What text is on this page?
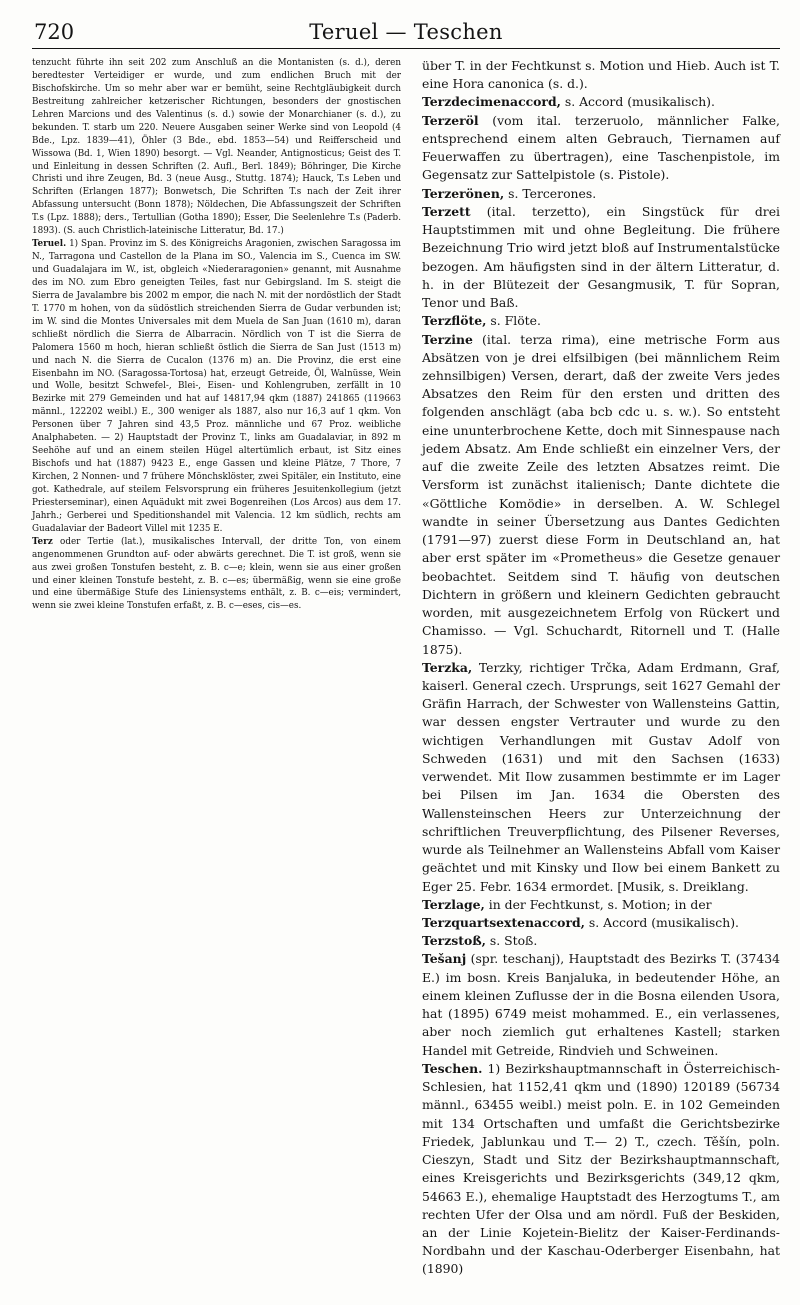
720	Teruel — Teschen

tenzucht führte ihn seit 202 zum Anschluß an die Montanisten (s. d.), deren beredtester Verteidiger er wurde, und zum endlichen Bruch mit der Bischofskirche. Um so mehr aber war er bemüht, seine Rechtgläubigkeit durch Bestreitung zahlreicher ketzerischer Richtungen, besonders der gnostischen Lehren Marcions und des Valentinus (s. d.) sowie der Monarchianer (s. d.), zu bekunden. T. starb um 220. Neuere Ausgaben seiner Werke sind von Leopold (4 Bde., Lpz. 1839—41), Öhler (3 Bde., ebd. 1853—54) und Reifferscheid und Wissowa (Bd. 1, Wien 1890) besorgt. — Vgl. Neander, Antignosticus; Geist des T. und Einleitung in dessen Schriften (2. Aufl., Berl. 1849); Böhringer, Die Kirche Christi und ihre Zeugen, Bd. 3 (neue Ausg., Stuttg. 1874); Hauck, T.s Leben und Schriften (Erlangen 1877); Bonwetsch, Die Schriften T.s nach der Zeit ihrer Abfassung untersucht (Bonn 1878); Nöldechen, Die Abfassungszeit der Schriften T.s (Lpz. 1888); ders., Tertullian (Gotha 1890); Esser, Die Seelenlehre T.s (Paderb. 1893). (S. auch Christlich-lateinische Litteratur, Bd. 17.)

Teruel. 1) Span. Provinz im S. des Königreichs Aragonien, zwischen Saragossa im N., Tarragona und Castellon de la Plana im SO., Valencia im S., Cuenca im SW. und Guadalajara im W., ist, obgleich «Niederaragonien» genannt, mit Ausnahme des im NO. zum Ebro geneigten Teiles, fast nur Gebirgsland. Im S. steigt die Sierra de Javalambre bis 2002 m empor, die nach N. mit der nordöstlich der Stadt T. 1770 m hohen, von da südöstlich streichenden Sierra de Gudar verbunden ist; im W. sind die Montes Universales mit dem Muela de San Juan (1610 m), daran schließt nördlich die Sierra de Albarracin. Nördlich von T ist die Sierra de Palomera 1560 m hoch, hieran schließt östlich die Sierra de San Just (1513 m) und nach N. die Sierra de Cucalon (1376 m) an. Die Provinz, die erst eine Eisenbahn im NO. (Saragossa-Tortosa) hat, erzeugt Getreide, Öl, Walnüsse, Wein und Wolle, besitzt Schwefel-, Blei-, Eisen- und Kohlengruben, zerfällt in 10 Bezirke mit 279 Gemeinden und hat auf 14817,94 qkm (1887) 241865 (119663 männl., 122202 weibl.) E., 300 weniger als 1887, also nur 16,3 auf 1 qkm. Von Personen über 7 Jahren sind 43,5 Proz. männliche und 67 Proz. weibliche Analphabeten. — 2) Hauptstadt der Provinz T., links am Guadalaviar, in 892 m Seehöhe auf und an einem steilen Hügel altertümlich erbaut, ist Sitz eines Bischofs und hat (1887) 9423 E., enge Gassen und kleine Plätze, 7 Thore, 7 Kirchen, 2 Nonnen- und 7 frühere Mönchsklöster, zwei Spitäler, ein Instituto, eine got. Kathedrale, auf steilem Felsvorsprung ein früheres Jesuitenkollegium (jetzt Priesterseminar), einen Aquädukt mit zwei Bogenreihen (Los Arcos) aus dem 17. Jahrh.; Gerberei und Speditionshandel mit Valencia. 12 km südlich, rechts am Guadalaviar der Badeort Villel mit 1235 E.

Terz oder Tertie (lat.), musikalisches Intervall, der dritte Ton, von einem angenommenen Grundton auf- oder abwärts gerechnet. Die T. ist groß, wenn sie aus zwei großen Tonstufen besteht, z. B. c—e; klein, wenn sie aus einer großen und einer kleinen Tonstufe besteht, z. B. c—es; übermäßig, wenn sie eine große und eine übermäßige Stufe des Liniensystems enthält, z. B. c—eis; vermindert, wenn sie zwei kleine Tonstufen erfaßt, z. B. c—eses, cis—es.

über T. in der Fechtkunst s. Motion und Hieb. Auch ist T. eine Hora canonica (s. d.).

Terzdecimenaccord, s. Accord (musikalisch).

Terzeröl (vom ital. terzeruolo, männlicher Falke, entsprechend einem alten Gebrauch, Tiernamen auf Feuerwaffen zu übertragen), eine Taschenpistole, im Gegensatz zur Sattelpistole (s. Pistole).

Terzerönen, s. Tercerones.

Terzett (ital. terzetto), ein Singstück für drei Hauptstimmen mit und ohne Begleitung. Die frühere Bezeichnung Trio wird jetzt bloß auf Instrumentalstücke bezogen. Am häufigsten sind in der ältern Litteratur, d. h. in der Blütezeit der Gesangmusik, T. für Sopran, Tenor und Baß.

Terzflöte, s. Flöte.

Terzine (ital. terza rima), eine metrische Form aus Absätzen von je drei elfsilbigen (bei männlichem Reim zehnsilbigen) Versen, derart, daß der zweite Vers jedes Absatzes den Reim für den ersten und dritten des folgenden anschlägt (aba bcb cdc u. s. w.). So entsteht eine ununterbrochene Kette, doch mit Sinnespause nach jedem Absatz. Am Ende schließt ein einzelner Vers, der auf die zweite Zeile des letzten Absatzes reimt. Die Versform ist zunächst italienisch; Dante dichtete die «Göttliche Komödie» in derselben. A. W. Schlegel wandte in seiner Übersetzung aus Dantes Gedichten (1791—97) zuerst diese Form in Deutschland an, hat aber erst später im «Prometheus» die Gesetze genauer beobachtet. Seitdem sind T. häufig von deutschen Dichtern in größern und kleinern Gedichten gebraucht worden, mit ausgezeichnetem Erfolg von Rückert und Chamisso. — Vgl. Schuchardt, Ritornell und T. (Halle 1875).

Terzka, Terzky, richtiger Trčka, Adam Erdmann, Graf, kaiserl. General czech. Ursprungs, seit 1627 Gemahl der Gräfin Harrach, der Schwester von Wallensteins Gattin, war dessen engster Vertrauter und wurde zu den wichtigen Verhandlungen mit Gustav Adolf von Schweden (1631) und mit den Sachsen (1633) verwendet. Mit Ilow zusammen bestimmte er im Lager bei Pilsen im Jan. 1634 die Obersten des Wallensteinschen Heers zur Unterzeichnung der schriftlichen Treuverpflichtung, des Pilsener Reverses, wurde als Teilnehmer an Wallensteins Abfall vom Kaiser geächtet und mit Kinsky und Ilow bei einem Bankett zu Eger 25. Febr. 1634 ermordet. [Musik, s. Dreiklang.

Terzlage, in der Fechtkunst, s. Motion; in der

Terzquartsextenaccord, s. Accord (musikalisch).

Terzstoß, s. Stoß.

Tešanj (spr. teschanj), Hauptstadt des Bezirks T. (37434 E.) im bosn. Kreis Banjaluka, in bedeutender Höhe, an einem kleinen Zuflusse der in die Bosna eilenden Usora, hat (1895) 6749 meist mohammed. E., ein verlassenes, aber noch ziemlich gut erhaltenes Kastell; starken Handel mit Getreide, Rindvieh und Schweinen.

Teschen. 1) Bezirkshauptmannschaft in Österreichisch-Schlesien, hat 1152,41 qkm und (1890) 120189 (56734 männl., 63455 weibl.) meist poln. E. in 102 Gemeinden mit 134 Ortschaften und umfaßt die Gerichtsbezirke Friedek, Jablunkau und T.— 2) T., czech. Těšín, poln. Cieszyn, Stadt und Sitz der Bezirkshauptmannschaft, eines Kreisgerichts und Bezirksgerichts (349,12 qkm, 54663 E.), ehemalige Hauptstadt des Herzogtums T., am rechten Ufer der Olsa und am nördl. Fuß der Beskiden, an der Linie Kojetein-Bielitz der Kaiser-Ferdinands-Nordbahn und der Kaschau-Oderberger Eisenbahn, hat (1890)
